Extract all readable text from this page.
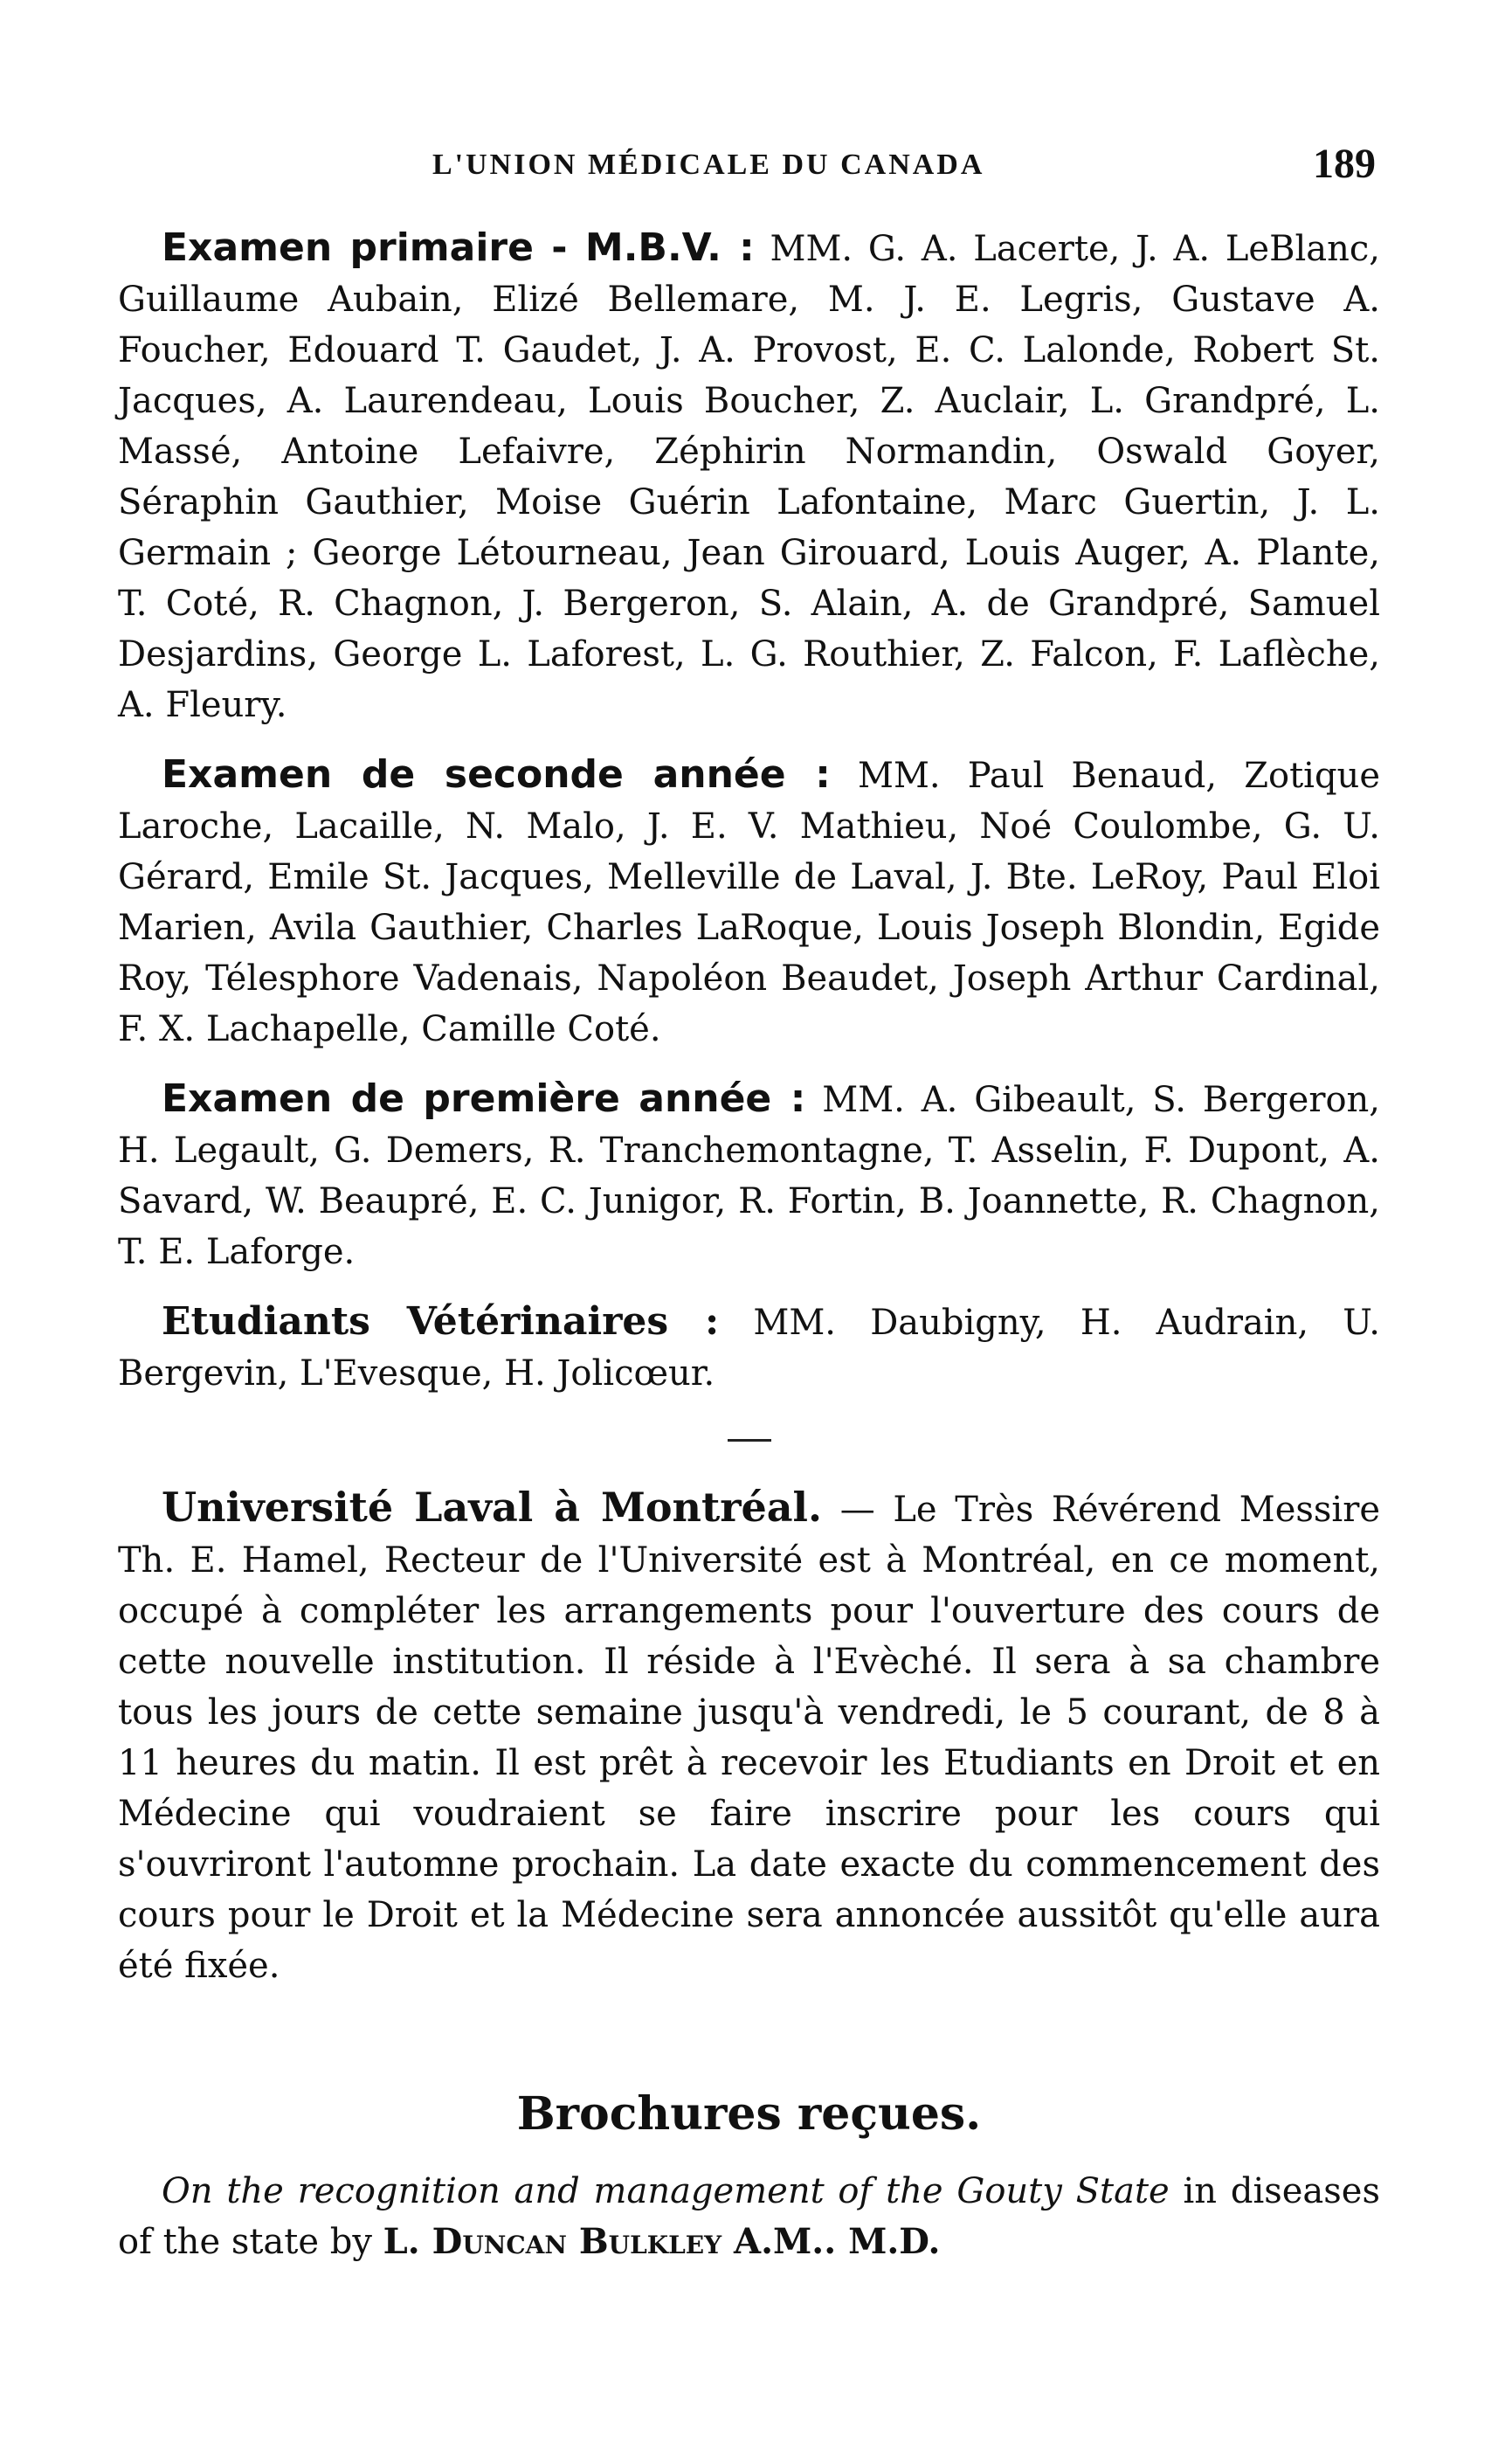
L'UNION MÉDICALE DU CANADA	189

Examen primaire - M.B.V. : MM. G. A. Lacerte, J. A. LeBlanc, Guillaume Aubain, Elizé Bellemare, M. J. E. Legris, Gustave A. Foucher, Edouard T. Gaudet, J. A. Provost, E. C. Lalonde, Robert St. Jacques, A. Laurendeau, Louis Boucher, Z. Auclair, L. Grandpré, L. Massé, Antoine Lefaivre, Zéphirin Normandin, Oswald Goyer, Séraphin Gauthier, Moise Guérin Lafontaine, Marc Guertin, J. L. Germain ; George Létourneau, Jean Girouard, Louis Auger, A. Plante, T. Coté, R. Chagnon, J. Bergeron, S. Alain, A. de Grandpré, Samuel Desjardins, George L. Laforest, L. G. Routhier, Z. Falcon, F. Laflèche, A. Fleury.

Examen de seconde année : MM. Paul Benaud, Zotique Laroche, Lacaille, N. Malo, J. E. V. Mathieu, Noé Coulombe, G. U. Gérard, Emile St. Jacques, Melleville de Laval, J. Bte. LeRoy, Paul Eloi Marien, Avila Gauthier, Charles LaRoque, Louis Joseph Blondin, Egide Roy, Télesphore Vadenais, Napoléon Beaudet, Joseph Arthur Cardinal, F. X. Lachapelle, Camille Coté.

Examen de première année : MM. A. Gibeault, S. Bergeron, H. Legault, G. Demers, R. Tranchemontagne, T. Asselin, F. Dupont, A. Savard, W. Beaupré, E. C. Junigor, R. Fortin, B. Joannette, R. Chagnon, T. E. Laforge.

Etudiants Vétérinaires : MM. Daubigny, H. Audrain, U. Bergevin, L'Evesque, H. Jolicœur.

Université Laval à Montréal. — Le Très Révérend Messire Th. E. Hamel, Recteur de l'Université est à Montréal, en ce moment, occupé à compléter les arrangements pour l'ouverture des cours de cette nouvelle institution. Il réside à l'Evèché. Il sera à sa chambre tous les jours de cette semaine jusqu'à vendredi, le 5 courant, de 8 à 11 heures du matin. Il est prêt à recevoir les Etudiants en Droit et en Médecine qui voudraient se faire inscrire pour les cours qui s'ouvriront l'automne prochain. La date exacte du commencement des cours pour le Droit et la Médecine sera annoncée aussitôt qu'elle aura été fixée.

Brochures reçues.

On the recognition and management of the Gouty State in diseases of the state by L. Duncan Bulkley A.M.. M.D.
